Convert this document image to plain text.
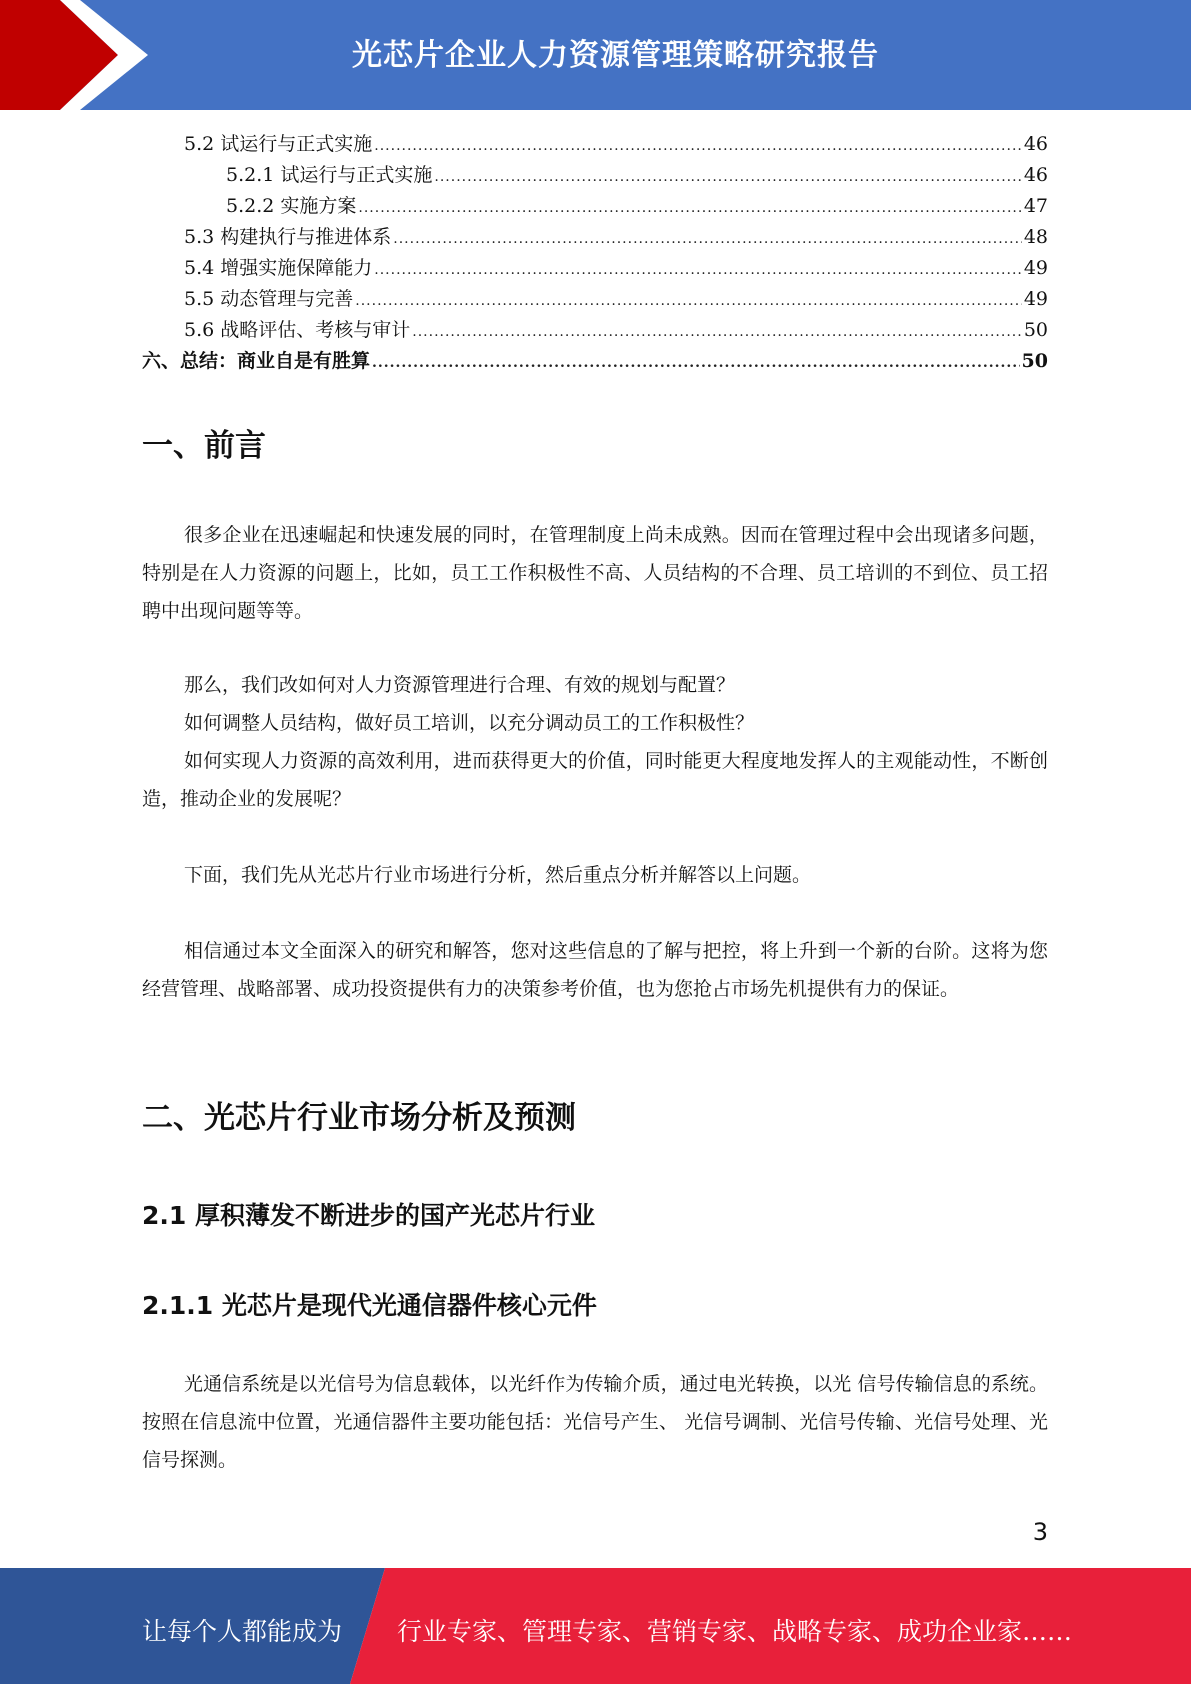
光芯片企业人力资源管理策略研究报告
5.2 试运行与正式实施 .....	46
5.2.1 试运行与正式实施 .....	46
5.2.2 实施方案 .....	47
5.3 构建执行与推进体系 .....	48
5.4 增强实施保障能力 .....	49
5.5 动态管理与完善 .....	49
5.6 战略评估、考核与审计 .....	50
六、总结：商业自是有胜算 .....	50
一、前言

很多企业在迅速崛起和快速发展的同时，在管理制度上尚未成熟。因而在管理过程中会出现诸多问题，特别是在人力资源的问题上，比如，员工工作积极性不高、人员结构的不合理、员工培训的不到位、员工招聘中出现问题等等。

那么，我们改如何对人力资源管理进行合理、有效的规划与配置？

如何调整人员结构，做好员工培训，以充分调动员工的工作积极性？

如何实现人力资源的高效利用，进而获得更大的价值，同时能更大程度地发挥人的主观能动性，不断创造，推动企业的发展呢？

下面，我们先从光芯片行业市场进行分析，然后重点分析并解答以上问题。

相信通过本文全面深入的研究和解答，您对这些信息的了解与把控，将上升到一个新的台阶。这将为您经营管理、战略部署、成功投资提供有力的决策参考价值，也为您抢占市场先机提供有力的保证。

二、光芯片行业市场分析及预测
2.1 厚积薄发不断进步的国产光芯片行业
2.1.1 光芯片是现代光通信器件核心元件

光通信系统是以光信号为信息载体，以光纤作为传输介质，通过电光转换，以光 信号传输信息的系统。按照在信息流中位置，光通信器件主要功能包括：光信号产生、 光信号调制、光信号传输、光信号处理、光信号探测。

3
让每个人都能成为 行业专家、管理专家、营销专家、战略专家、成功企业家……
